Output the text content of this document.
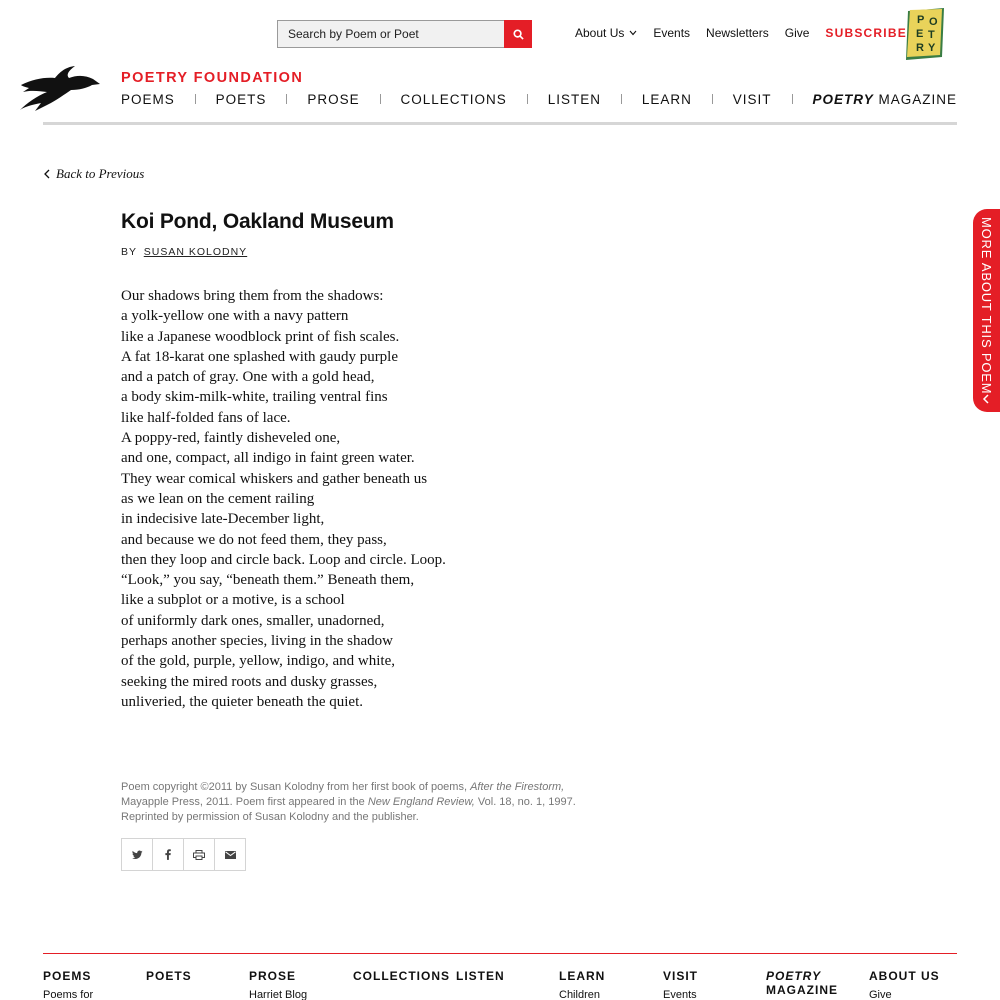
Search by Poem or Poet
About Us Events Newsletters Give SUBSCRIBE
P O
E T
R Y
POETRY FOUNDATION
POEMS	POETS	PROSE	COLLECTIONS	LISTEN	LEARN	VISIT	POETRY MAGAZINE
Back to Previous
Koi Pond, Oakland Museum
BY SUSAN KOLODNY
Our shadows bring them from the shadows:
a yolk-yellow one with a navy pattern
like a Japanese woodblock print of fish scales.
A fat 18-karat one splashed with gaudy purple
and a patch of gray. One with a gold head,
a body skim-milk-white, trailing ventral fins
like half-folded fans of lace.
A poppy-red, faintly disheveled one,
and one, compact, all indigo in faint green water.
They wear comical whiskers and gather beneath us
as we lean on the cement railing
in indecisive late-December light,
and because we do not feed them, they pass,
then they loop and circle back. Loop and circle. Loop.
“Look,” you say, “beneath them.” Beneath them,
like a subplot or a motive, is a school
of uniformly dark ones, smaller, unadorned,
perhaps another species, living in the shadow
of the gold, purple, yellow, indigo, and white,
seeking the mired roots and dusky grasses,
unliveried, the quieter beneath the quiet.
Poem copyright ©2011 by Susan Kolodny from her first book of poems, After the Firestorm, Mayapple Press, 2011. Poem first appeared in the New England Review, Vol. 18, no. 1, 1997. Reprinted by permission of Susan Kolodny and the publisher.
MORE ABOUT THIS POEM
POEMS
Poems for
POETS	PROSE
Harriet Blog
COLLECTIONS LISTEN	LEARN
Children
VISIT
Events
POETRY
MAGAZINE
ABOUT US
Give
